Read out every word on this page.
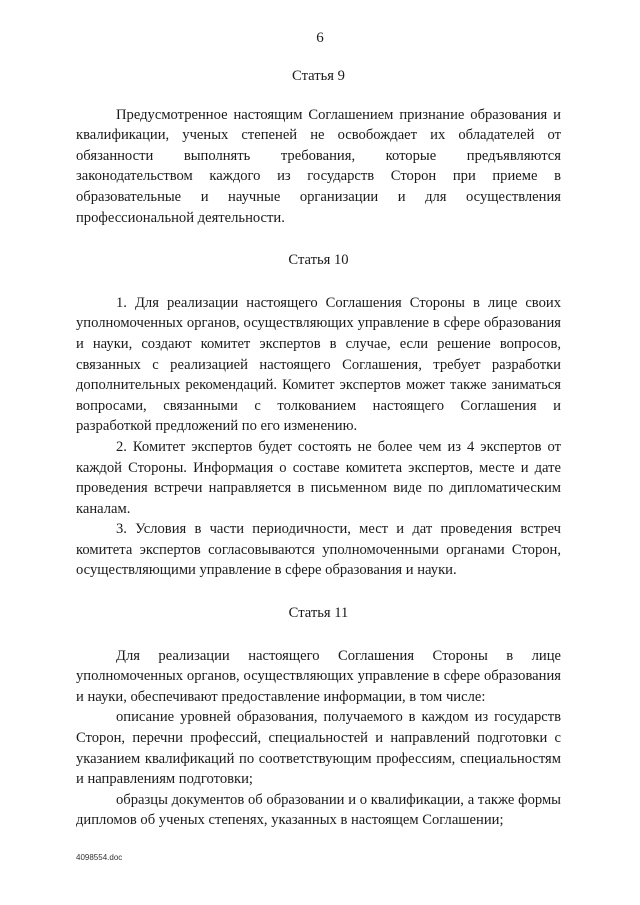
6
Статья 9

Предусмотренное настоящим Соглашением признание образования и квалификации, ученых степеней не освобождает их обладателей от обязанности выполнять требования, которые предъявляются законодательством каждого из государств Сторон при приеме в образовательные и научные организации и для осуществления профессиональной деятельности.

Статья 10

1. Для реализации настоящего Соглашения Стороны в лице своих уполномоченных органов, осуществляющих управление в сфере образования и науки, создают комитет экспертов в случае, если решение вопросов, связанных с реализацией настоящего Соглашения, требует разработки дополнительных рекомендаций. Комитет экспертов может также заниматься вопросами, связанными с толкованием настоящего Соглашения и разработкой предложений по его изменению.

2. Комитет экспертов будет состоять не более чем из 4 экспертов от каждой Стороны. Информация о составе комитета экспертов, месте и дате проведения встречи направляется в письменном виде по дипломатическим каналам.

3. Условия в части периодичности, мест и дат проведения встреч комитета экспертов согласовываются уполномоченными органами Сторон, осуществляющими управление в сфере образования и науки.

Статья 11

Для реализации настоящего Соглашения Стороны в лице уполномоченных органов, осуществляющих управление в сфере образования и науки, обеспечивают предоставление информации, в том числе:

описание уровней образования, получаемого в каждом из государств Сторон, перечни профессий, специальностей и направлений подготовки с указанием квалификаций по соответствующим профессиям, специальностям и направлениям подготовки;

образцы документов об образовании и о квалификации, а также формы дипломов об ученых степенях, указанных в настоящем Соглашении;

4098554.doc
